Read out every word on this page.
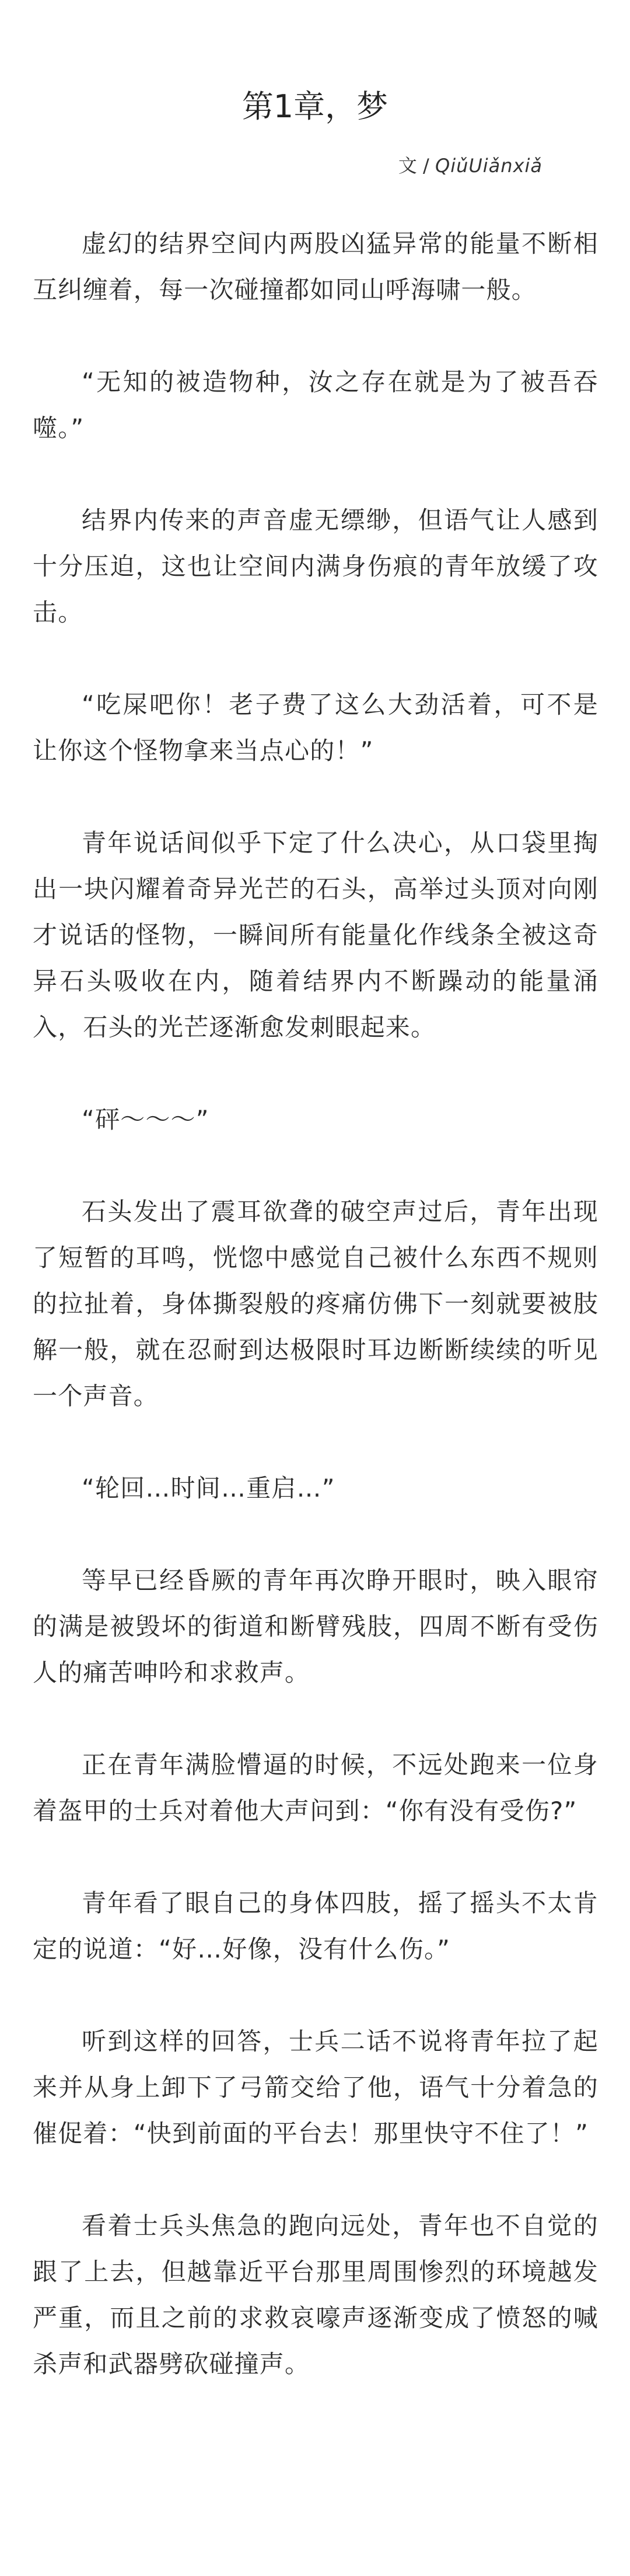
第1章，梦
文 / QiǔUiǎnxiǎ

虚幻的结界空间内两股凶猛异常的能量不断相互纠缠着，每一次碰撞都如同山呼海啸一般。

“无知的被造物种，汝之存在就是为了被吾吞噬。”

结界内传来的声音虚无缥缈，但语气让人感到十分压迫，这也让空间内满身伤痕的青年放缓了攻击。

“吃屎吧你！老子费了这么大劲活着，可不是让你这个怪物拿来当点心的！”

青年说话间似乎下定了什么决心，从口袋里掏出一块闪耀着奇异光芒的石头，高举过头顶对向刚才说话的怪物，一瞬间所有能量化作线条全被这奇异石头吸收在内，随着结界内不断躁动的能量涌入，石头的光芒逐渐愈发刺眼起来。

“砰～～～”

石头发出了震耳欲聋的破空声过后，青年出现了短暂的耳鸣，恍惚中感觉自己被什么东西不规则的拉扯着，身体撕裂般的疼痛仿佛下一刻就要被肢解一般，就在忍耐到达极限时耳边断断续续的听见一个声音。

“轮回…时间…重启…”

等早已经昏厥的青年再次睁开眼时，映入眼帘的满是被毁坏的街道和断臂残肢，四周不断有受伤人的痛苦呻吟和求救声。

正在青年满脸懵逼的时候，不远处跑来一位身着盔甲的士兵对着他大声问到：“你有没有受伤?”

青年看了眼自己的身体四肢，摇了摇头不太肯定的说道：“好…好像，没有什么伤。”

听到这样的回答，士兵二话不说将青年拉了起来并从身上卸下了弓箭交给了他，语气十分着急的催促着：“快到前面的平台去！那里快守不住了！”

看着士兵头焦急的跑向远处，青年也不自觉的跟了上去，但越靠近平台那里周围惨烈的环境越发严重，而且之前的求救哀嚎声逐渐变成了愤怒的喊杀声和武器劈砍碰撞声。
